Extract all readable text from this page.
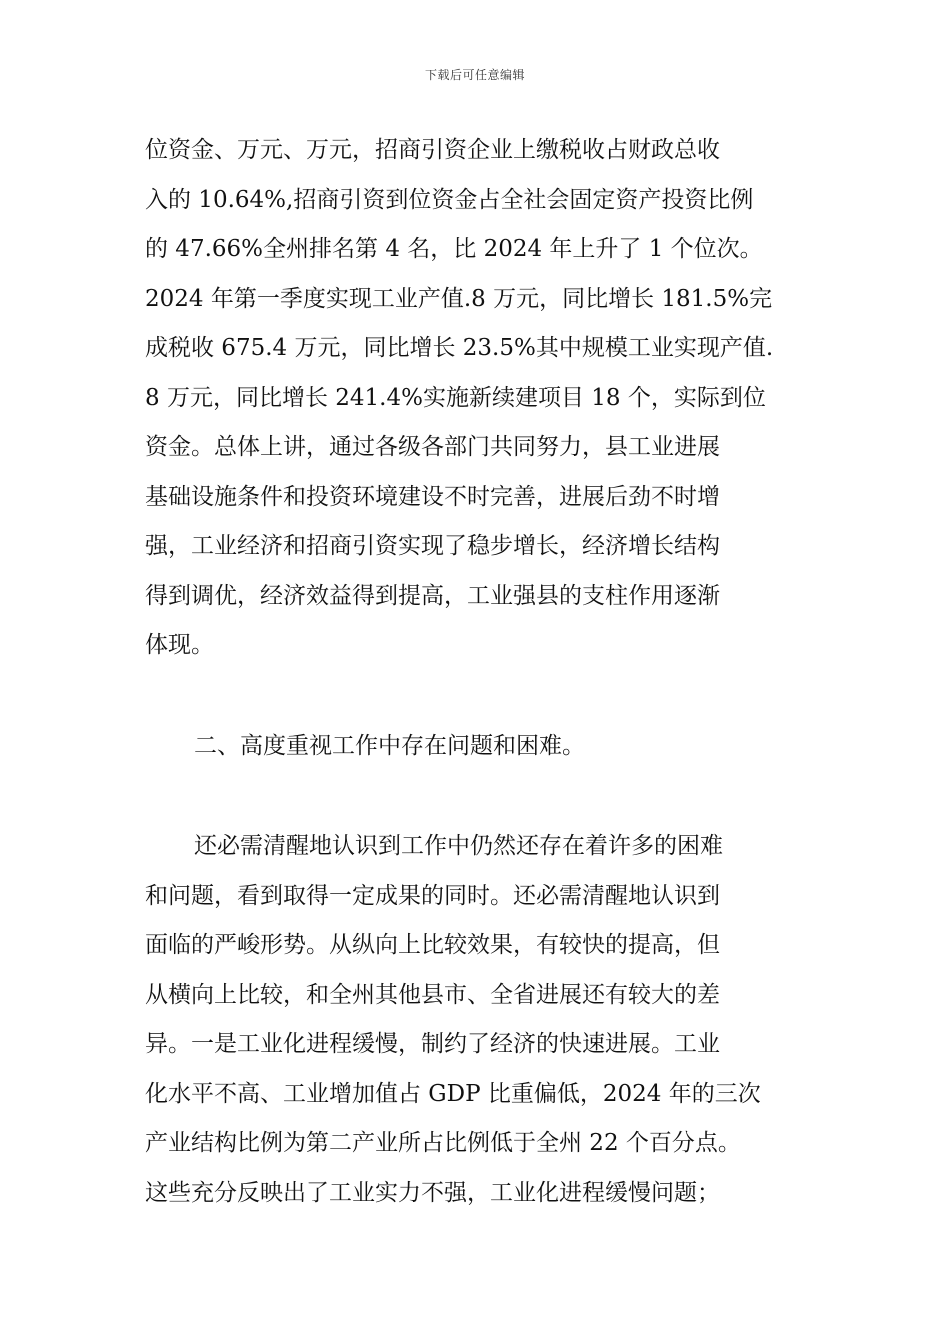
下载后可任意编辑
位资金、万元、万元，招商引资企业上缴税收占财政总收
入的 10.64%,招商引资到位资金占全社会固定资产投资比例
的 47.66%全州排名第 4 名，比 2024 年上升了 1 个位次。
2024 年第一季度实现工业产值.8 万元，同比增长 181.5%完
成税收 675.4 万元，同比增长 23.5%其中规模工业实现产值.
8 万元，同比增长 241.4%实施新续建项目 18 个，实际到位
资金。总体上讲，通过各级各部门共同努力，县工业进展
基础设施条件和投资环境建设不时完善，进展后劲不时增
强，工业经济和招商引资实现了稳步增长，经济增长结构
得到调优，经济效益得到提高，工业强县的支柱作用逐渐
体现。
二、高度重视工作中存在问题和困难。
还必需清醒地认识到工作中仍然还存在着许多的困难
和问题，看到取得一定成果的同时。还必需清醒地认识到
面临的严峻形势。从纵向上比较效果，有较快的提高，但
从横向上比较，和全州其他县市、全省进展还有较大的差
异。一是工业化进程缓慢，制约了经济的快速进展。工业
化水平不高、工业增加值占 GDP 比重偏低，2024 年的三次
产业结构比例为第二产业所占比例低于全州 22 个百分点。
这些充分反映出了工业实力不强，工业化进程缓慢问题；
